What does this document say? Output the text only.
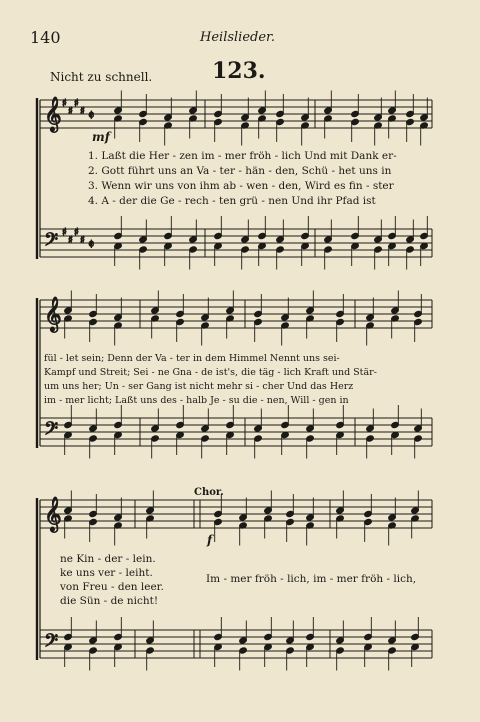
140	Heilslieder.
Nicht zu schnell.	123.
𝄞
𝄢
𝄞
𝄢
𝄞
𝄢
♯
♯
♯
♯ 𝄵
♯
♯
♯
♯ 𝄵
mf
f
Chor.
1. Laßt die Her - zen im - mer fröh - lich Und mit Dank er-
2. Gott führt uns an Va - ter - hän - den, Schü - het uns in
3. Wenn wir uns von ihm ab - wen - den, Wird es fin - ster
4. A - der die Ge - rech - ten grü - nen Und ihr Pfad ist
fül - let sein; Denn der Va - ter in dem Himmel Nennt uns sei-
Kampf und Streit; Sei - ne Gna - de ist's, die täg - lich Kraft und Stär-
um uns her; Un - ser Gang ist nicht mehr si - cher Und das Herz
im - mer licht; Laßt uns des - halb Je - su die - nen, Will - gen in
ne Kin - der - lein.
ke uns ver - leiht.
von Freu - den leer.
die Sün - de nicht!
Im - mer fröh - lich, im - mer fröh - lich,
